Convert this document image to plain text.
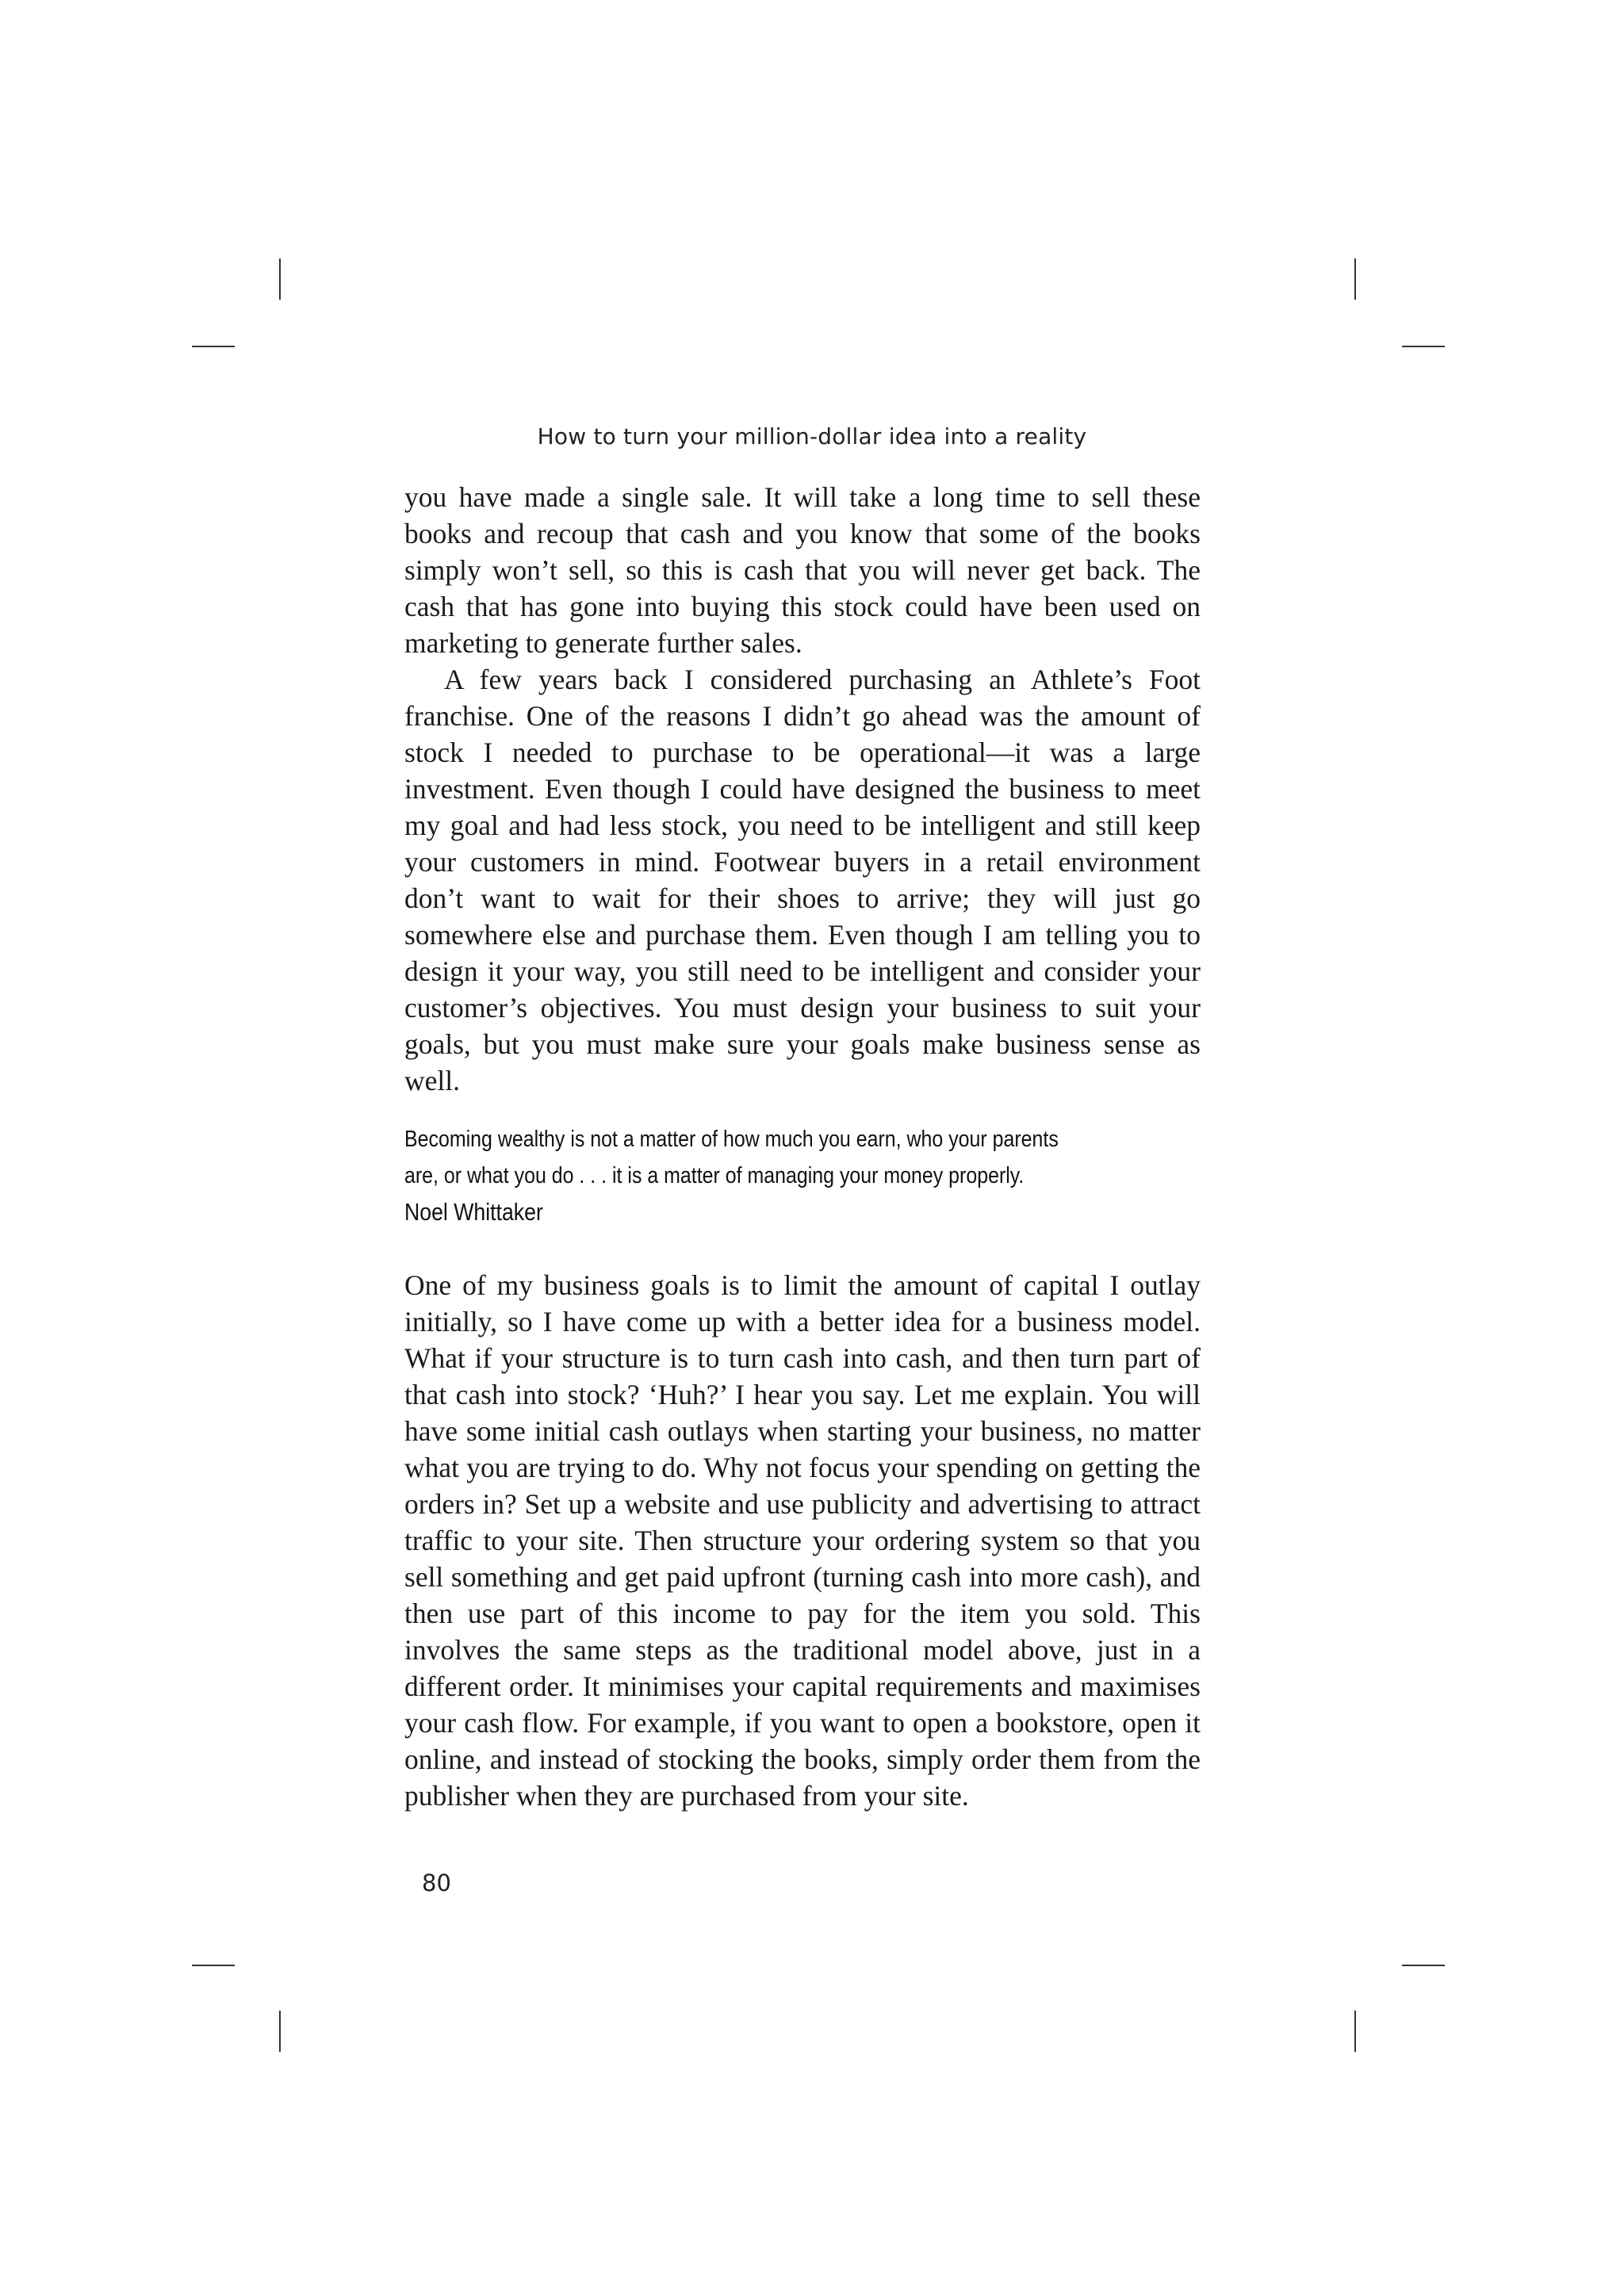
How to turn your million-dollar idea into a reality

you have made a single sale. It will take a long time to sell these books and recoup that cash and you know that some of the books simply won’t sell, so this is cash that you will never get back. The cash that has gone into buying this stock could have been used on marketing to generate further sales.

A few years back I considered purchasing an Athlete’s Foot franchise. One of the reasons I didn’t go ahead was the amount of stock I needed to purchase to be operational—it was a large investment. Even though I could have designed the business to meet my goal and had less stock, you need to be intelligent and still keep your customers in mind. Footwear buyers in a retail environment don’t want to wait for their shoes to arrive; they will just go somewhere else and purchase them. Even though I am telling you to design it your way, you still need to be intelligent and consider your customer’s objectives. You must design your business to suit your goals, but you must make sure your goals make business sense as well.

Becoming wealthy is not a matter of how much you earn, who your parents
are, or what you do . . . it is a matter of managing your money properly.
Noel Whittaker

One of my business goals is to limit the amount of capital I outlay initially, so I have come up with a better idea for a business model. What if your structure is to turn cash into cash, and then turn part of that cash into stock? ‘Huh?’ I hear you say. Let me explain. You will have some initial cash outlays when starting your business, no matter what you are trying to do. Why not focus your spending on getting the orders in? Set up a website and use publicity and advertising to attract traffic to your site. Then structure your ordering system so that you sell something and get paid upfront (turning cash into more cash), and then use part of this income to pay for the item you sold. This involves the same steps as the traditional model above, just in a different order. It minimises your capital requirements and maximises your cash flow. For example, if you want to open a bookstore, open it online, and instead of stocking the books, simply order them from the publisher when they are purchased from your site.

80
